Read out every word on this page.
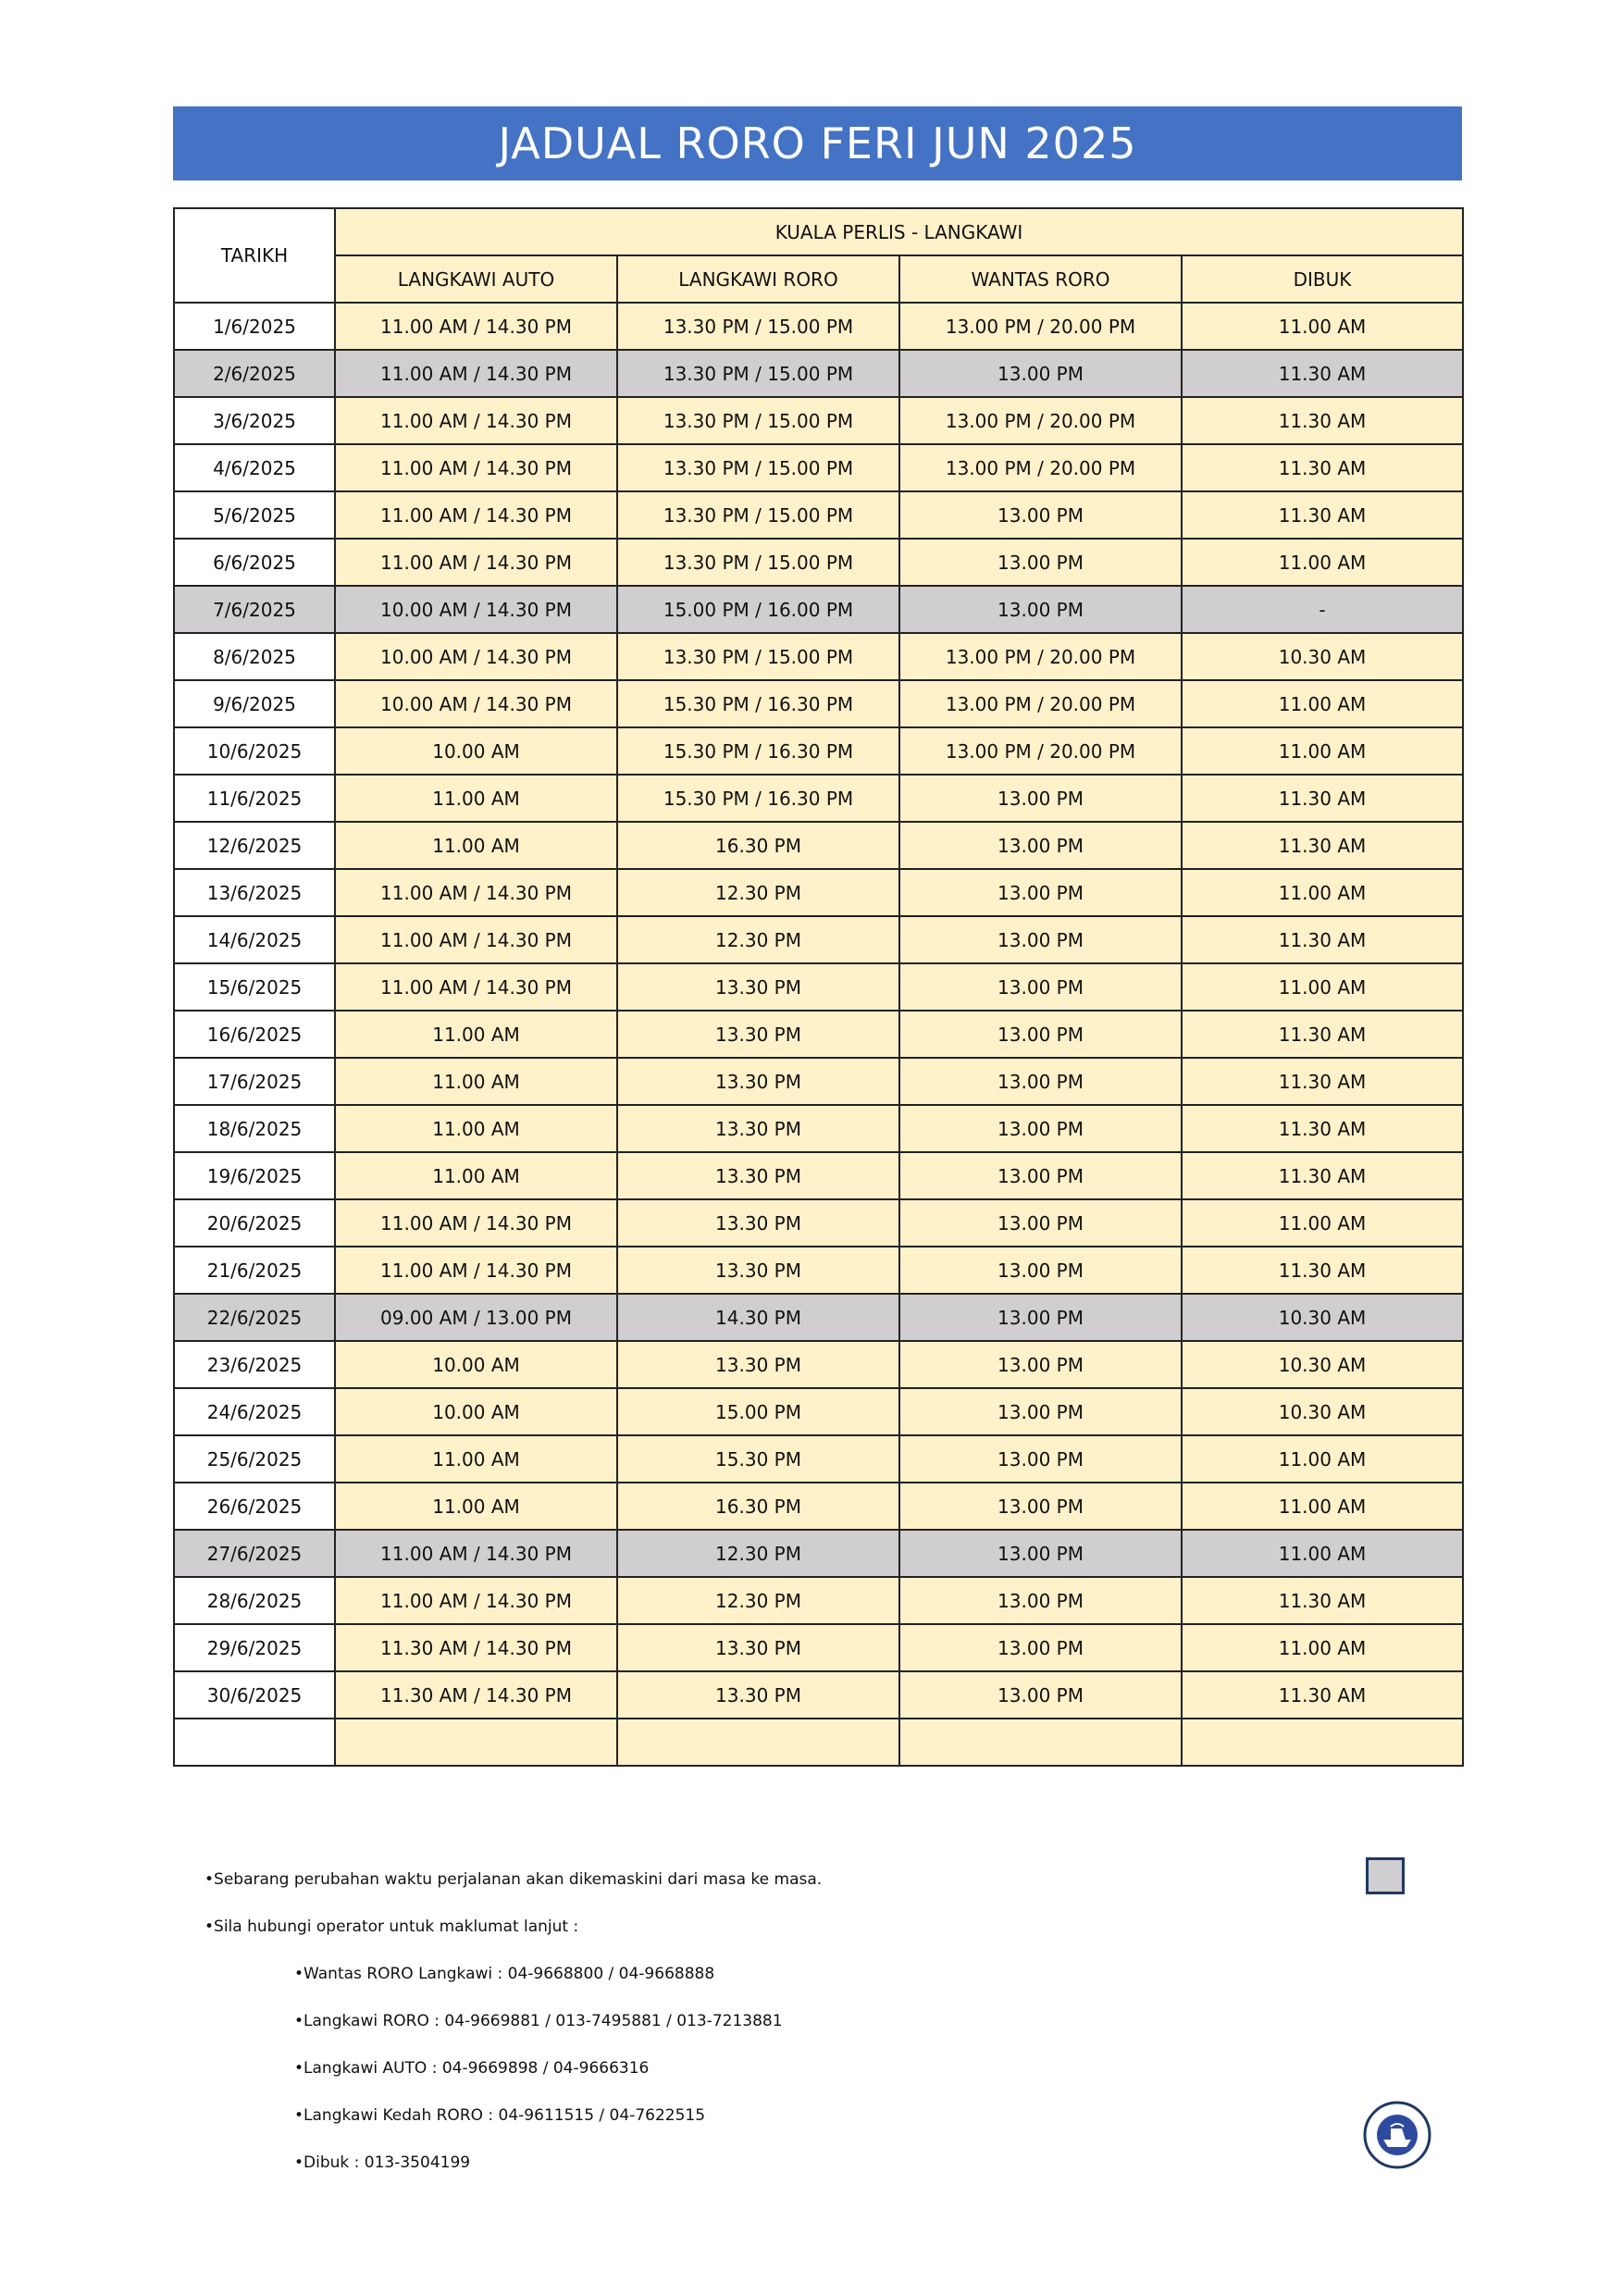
JADUAL RORO FERI JUN 2025
TARIKH	KUALA PERLIS - LANGKAWI			
	LANGKAWI AUTO	LANGKAWI RORO	WANTAS RORO	DIBUK
1/6/2025	11.00 AM / 14.30 PM	13.30 PM / 15.00 PM	13.00 PM / 20.00 PM	11.00 AM
2/6/2025	11.00 AM / 14.30 PM	13.30 PM / 15.00 PM	13.00 PM	11.30 AM
3/6/2025	11.00 AM / 14.30 PM	13.30 PM / 15.00 PM	13.00 PM / 20.00 PM	11.30 AM
4/6/2025	11.00 AM / 14.30 PM	13.30 PM / 15.00 PM	13.00 PM / 20.00 PM	11.30 AM
5/6/2025	11.00 AM / 14.30 PM	13.30 PM / 15.00 PM	13.00 PM	11.30 AM
6/6/2025	11.00 AM / 14.30 PM	13.30 PM / 15.00 PM	13.00 PM	11.00 AM
7/6/2025	10.00 AM / 14.30 PM	15.00 PM / 16.00 PM	13.00 PM	-
8/6/2025	10.00 AM / 14.30 PM	13.30 PM / 15.00 PM	13.00 PM / 20.00 PM	10.30 AM
9/6/2025	10.00 AM / 14.30 PM	15.30 PM / 16.30 PM	13.00 PM / 20.00 PM	11.00 AM
10/6/2025	10.00 AM	15.30 PM / 16.30 PM	13.00 PM / 20.00 PM	11.00 AM
11/6/2025	11.00 AM	15.30 PM / 16.30 PM	13.00 PM	11.30 AM
12/6/2025	11.00 AM	16.30 PM	13.00 PM	11.30 AM
13/6/2025	11.00 AM / 14.30 PM	12.30 PM	13.00 PM	11.00 AM
14/6/2025	11.00 AM / 14.30 PM	12.30 PM	13.00 PM	11.30 AM
15/6/2025	11.00 AM / 14.30 PM	13.30 PM	13.00 PM	11.00 AM
16/6/2025	11.00 AM	13.30 PM	13.00 PM	11.30 AM
17/6/2025	11.00 AM	13.30 PM	13.00 PM	11.30 AM
18/6/2025	11.00 AM	13.30 PM	13.00 PM	11.30 AM
19/6/2025	11.00 AM	13.30 PM	13.00 PM	11.30 AM
20/6/2025	11.00 AM / 14.30 PM	13.30 PM	13.00 PM	11.00 AM
21/6/2025	11.00 AM / 14.30 PM	13.30 PM	13.00 PM	11.30 AM
22/6/2025	09.00 AM / 13.00 PM	14.30 PM	13.00 PM	10.30 AM
23/6/2025	10.00 AM	13.30 PM	13.00 PM	10.30 AM
24/6/2025	10.00 AM	15.00 PM	13.00 PM	10.30 AM
25/6/2025	11.00 AM	15.30 PM	13.00 PM	11.00 AM
26/6/2025	11.00 AM	16.30 PM	13.00 PM	11.00 AM
27/6/2025	11.00 AM / 14.30 PM	12.30 PM	13.00 PM	11.00 AM
28/6/2025	11.00 AM / 14.30 PM	12.30 PM	13.00 PM	11.30 AM
29/6/2025	11.30 AM / 14.30 PM	13.30 PM	13.00 PM	11.00 AM
30/6/2025	11.30 AM / 14.30 PM	13.30 PM	13.00 PM	11.30 AM

•Sebarang perubahan waktu perjalanan akan dikemaskini dari masa ke masa.
•Sila hubungi operator untuk maklumat lanjut :
•Wantas RORO Langkawi : 04-9668800 / 04-9668888
•Langkawi RORO : 04-9669881 / 013-7495881 / 013-7213881
•Langkawi AUTO : 04-9669898 / 04-9666316
•Langkawi Kedah RORO : 04-9611515 / 04-7622515
•Dibuk : 013-3504199
